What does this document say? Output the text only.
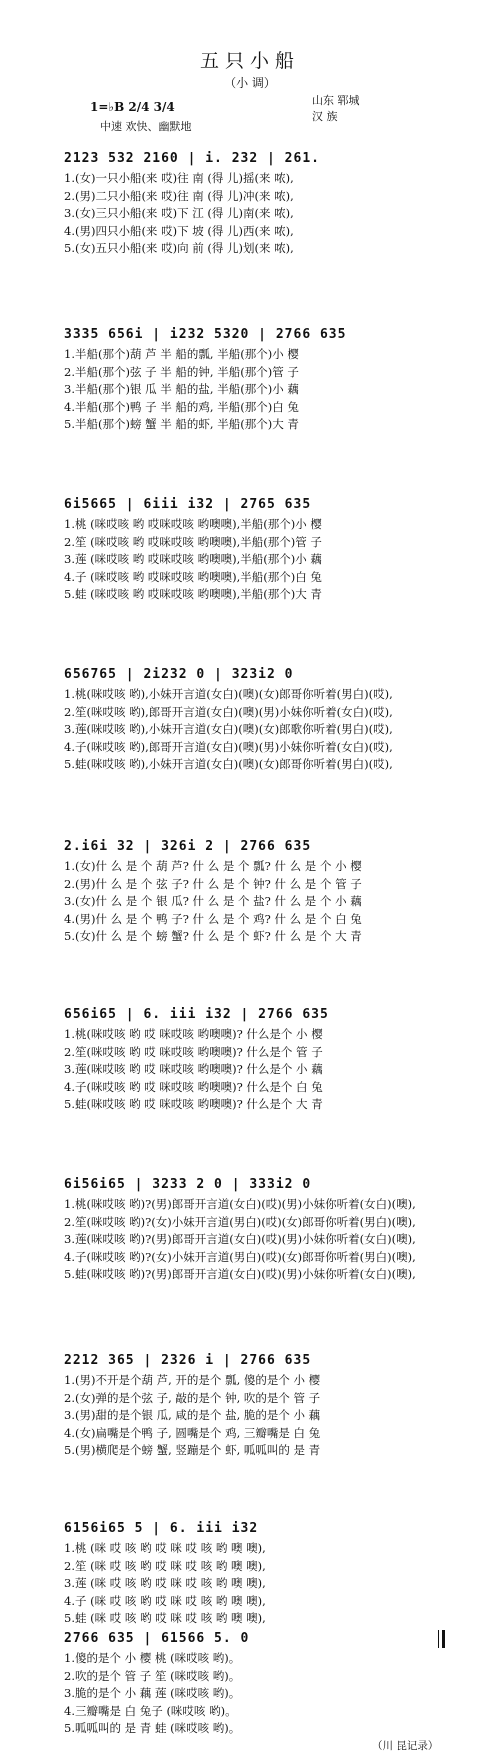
五只小船
（小 调）
山东 郓城
汉 族
1=♭B 2/4 3/4
中速 欢快、幽默地
2123 532 2160 | i. 232 | 261.
1.(女)一只小船(来 哎)往 南 (得 儿)摇(来 哝),
2.(男)二只小船(来 哎)往 南 (得 儿)冲(来 哝),
3.(女)三只小船(来 哎)下 江 (得 儿)南(来 哝),
4.(男)四只小船(来 哎)下 坡 (得 儿)西(来 哝),
5.(女)五只小船(来 哎)向 前 (得 儿)划(来 哝),
3335 656i | i232 5320 | 2766 635
1.半船(那个)葫 芦 半 船的瓢, 半船(那个)小 樱
2.半船(那个)弦 子 半 船的钟, 半船(那个)管 子
3.半船(那个)银 瓜 半 船的盐, 半船(那个)小 藕
4.半船(那个)鸭 子 半 船的鸡, 半船(那个)白 兔
5.半船(那个)螃 蟹 半 船的虾, 半船(那个)大 青
6i5665 | 6iii i32 | 2765 635
1.桃 (咪哎咳 哟 哎咪哎咳 哟噢噢),半船(那个)小 樱
2.笙 (咪哎咳 哟 哎咪哎咳 哟噢噢),半船(那个)管 子
3.莲 (咪哎咳 哟 哎咪哎咳 哟噢噢),半船(那个)小 藕
4.子 (咪哎咳 哟 哎咪哎咳 哟噢噢),半船(那个)白 兔
5.蛙 (咪哎咳 哟 哎咪哎咳 哟噢噢),半船(那个)大 青
656765 | 2i232 0 | 323i2 0
1.桃(咪哎咳 哟),小妹开言道(女白)(噢)(女)郎哥你听着(男白)(哎),
2.笙(咪哎咳 哟),郎哥开言道(女白)(噢)(男)小妹你听着(女白)(哎),
3.莲(咪哎咳 哟),小妹开言道(女白)(噢)(女)郎歌你听着(男白)(哎),
4.子(咪哎咳 哟),郎哥开言道(女白)(噢)(男)小妹你听着(女白)(哎),
5.蛙(咪哎咳 哟),小妹开言道(女白)(噢)(女)郎哥你听着(男白)(哎),
2.i6i 32 | 326i 2 | 2766 635
1.(女)什 么 是 个 葫 芦? 什 么 是 个 瓢? 什 么 是 个 小 樱
2.(男)什 么 是 个 弦 子? 什 么 是 个 钟? 什 么 是 个 管 子
3.(女)什 么 是 个 银 瓜? 什 么 是 个 盐? 什 么 是 个 小 藕
4.(男)什 么 是 个 鸭 子? 什 么 是 个 鸡? 什 么 是 个 白 兔
5.(女)什 么 是 个 螃 蟹? 什 么 是 个 虾? 什 么 是 个 大 青
656i65 | 6. iii i32 | 2766 635
1.桃(咪哎咳 哟 哎 咪哎咳 哟噢噢)? 什么是个 小 樱
2.笙(咪哎咳 哟 哎 咪哎咳 哟噢噢)? 什么是个 管 子
3.莲(咪哎咳 哟 哎 咪哎咳 哟噢噢)? 什么是个 小 藕
4.子(咪哎咳 哟 哎 咪哎咳 哟噢噢)? 什么是个 白 兔
5.蛙(咪哎咳 哟 哎 咪哎咳 哟噢噢)? 什么是个 大 青
6i56i65 | 3233 2 0 | 333i2 0
1.桃(咪哎咳 哟)?(男)郎哥开言道(女白)(哎)(男)小妹你听着(女白)(噢),
2.笙(咪哎咳 哟)?(女)小妹开言道(男白)(哎)(女)郎哥你听着(男白)(噢),
3.莲(咪哎咳 哟)?(男)郎哥开言道(女白)(哎)(男)小妹你听着(女白)(噢),
4.子(咪哎咳 哟)?(女)小妹开言道(男白)(哎)(女)郎哥你听着(男白)(噢),
5.蛙(咪哎咳 哟)?(男)郎哥开言道(女白)(哎)(男)小妹你听着(女白)(噢),
2212 365 | 2326 i | 2766 635
1.(男)不开是个葫 芦, 开的是个 瓢, 傻的是个 小 樱
2.(女)弹的是个弦 子, 敲的是个 钟, 吹的是个 管 子
3.(男)甜的是个银 瓜, 咸的是个 盐, 脆的是个 小 藕
4.(女)扁嘴是个鸭 子, 圆嘴是个 鸡, 三瓣嘴是 白 兔
5.(男)横爬是个螃 蟹, 竖蹦是个 虾, 呱呱叫的 是 青
6156i65 5 | 6. iii i32
1.桃 (咪 哎 咳 哟 哎 咪 哎 咳 哟 噢 噢),
2.笙 (咪 哎 咳 哟 哎 咪 哎 咳 哟 噢 噢),
3.莲 (咪 哎 咳 哟 哎 咪 哎 咳 哟 噢 噢),
4.子 (咪 哎 咳 哟 哎 咪 哎 咳 哟 噢 噢),
5.蛙 (咪 哎 咳 哟 哎 咪 哎 咳 哟 噢 噢),
2766 635 | 61566 5. 0
1.傻的是个 小 樱 桃 (咪哎咳 哟)。
2.吹的是个 管 子 笙 (咪哎咳 哟)。
3.脆的是个 小 藕 莲 (咪哎咳 哟)。
4.三瓣嘴是 白 兔子 (咪哎咳 哟)。
5.呱呱叫的 是 青 蛙 (咪哎咳 哟)。
（川 昆记录）
